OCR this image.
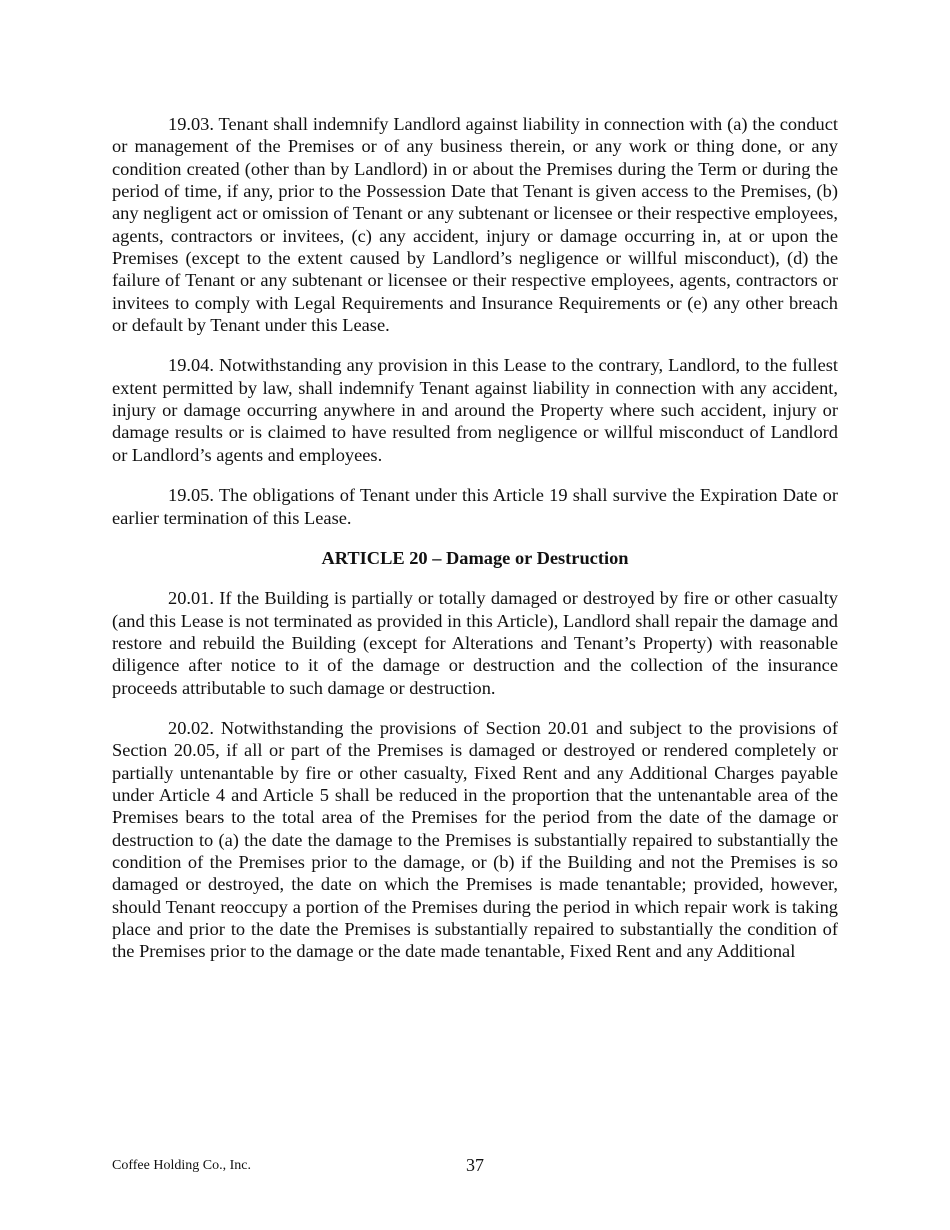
19.03. Tenant shall indemnify Landlord against liability in connection with (a) the conduct or management of the Premises or of any business therein, or any work or thing done, or any condition created (other than by Landlord) in or about the Premises during the Term or during the period of time, if any, prior to the Possession Date that Tenant is given access to the Premises, (b) any negligent act or omission of Tenant or any subtenant or licensee or their respective employees, agents, contractors or invitees, (c) any accident, injury or damage occurring in, at or upon the Premises (except to the extent caused by Landlord’s negligence or willful misconduct), (d) the failure of Tenant or any subtenant or licensee or their respective employees, agents, contractors or invitees to comply with Legal Requirements and Insurance Requirements or (e) any other breach or default by Tenant under this Lease.

19.04. Notwithstanding any provision in this Lease to the contrary, Landlord, to the fullest extent permitted by law, shall indemnify Tenant against liability in connection with any accident, injury or damage occurring anywhere in and around the Property where such accident, injury or damage results or is claimed to have resulted from negligence or willful misconduct of Landlord or Landlord’s agents and employees.

19.05. The obligations of Tenant under this Article 19 shall survive the Expiration Date or earlier termination of this Lease.

ARTICLE 20 – Damage or Destruction

20.01. If the Building is partially or totally damaged or destroyed by fire or other casualty (and this Lease is not terminated as provided in this Article), Landlord shall repair the damage and restore and rebuild the Building (except for Alterations and Tenant’s Property) with reasonable diligence after notice to it of the damage or destruction and the collection of the insurance proceeds attributable to such damage or destruction.

20.02. Notwithstanding the provisions of Section 20.01 and subject to the provisions of Section 20.05, if all or part of the Premises is damaged or destroyed or rendered completely or partially untenantable by fire or other casualty, Fixed Rent and any Additional Charges payable under Article 4 and Article 5 shall be reduced in the proportion that the untenantable area of the Premises bears to the total area of the Premises for the period from the date of the damage or destruction to (a) the date the damage to the Premises is substantially repaired to substantially the condition of the Premises prior to the damage, or (b) if the Building and not the Premises is so damaged or destroyed, the date on which the Premises is made tenantable; provided, however, should Tenant reoccupy a portion of the Premises during the period in which repair work is taking place and prior to the date the Premises is substantially repaired to substantially the condition of the Premises prior to the damage or the date made tenantable, Fixed Rent and any Additional

Coffee Holding Co., Inc.	37
